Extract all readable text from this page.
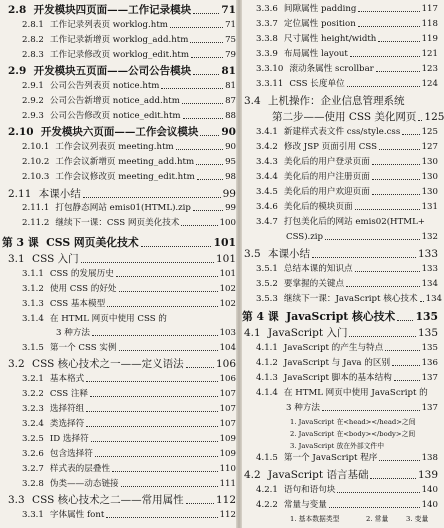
2.8 开发模块四页面——工作记录模块	71
2.8.1 工作记录列表页 worklog.htm	71
2.8.2 工作记录新增页 worklog_add.htm	75
2.8.3 工作记录修改页 worklog_edit.htm	79
2.9 开发模块五页面——公司公告模块	81
2.9.1 公司公告列表页 notice.htm	81
2.9.2 公司公告新增页 notice_add.htm	87
2.9.3 公司公告修改页 notice_edit.htm	88
2.10 开发模块六页面——工作会议模块 90
2.10.1 工作会议列表页 meeting.htm	90
2.10.2 工作会议新增页 meeting_add.htm	95
2.10.3 工作会议修改页 meeting_edit.htm	98
2.11 本课小结	99
2.11.1 打包静态网站 emis01(HTML).zip	99
2.11.2 继续下一课：CSS 网页美化技术	100
第 3 课 CSS 网页美化技术	101
3.1 CSS 入门	101
3.1.1 CSS 的发展历史	101
3.1.2 使用 CSS 的好处	102
3.1.3 CSS 基本模型	102
3.1.4 在 HTML 网页中使用 CSS 的
3 种方法	103
3.1.5 第一个 CSS 实例	104
3.2 CSS 核心技术之一——定义语法	106
3.2.1 基本格式	106
3.2.2 CSS 注释	107
3.2.3 选择符组	107
3.2.4 类选择符	107
3.2.5 ID 选择符	109
3.2.6 包含选择符	109
3.2.7 样式表的层叠性	110
3.2.8 伪类——动态链接	111
3.3 CSS 核心技术之二——常用属性	112
3.3.1 字体属性 font	112
3.3.6 间隙属性 padding	117
3.3.7 定位属性 position	118
3.3.8 尺寸属性 height/width	119
3.3.9 布局属性 layout	121
3.3.10 滚动条属性 scrollbar	123
3.3.11 CSS 长度单位	124
3.4 上机操作：企业信息管理系统
第二步——使用 CSS 美化网页 125
3.4.1 新建样式表文件 css/style.css 125
3.4.2 修改 JSP 页面引用 CSS	127
3.4.3 美化后的用户登录页面	130
3.4.4 美化后的用户注册页面	130
3.4.5 美化后的用户欢迎页面	130
3.4.6 美化后的模块页面	131
3.4.7 打包美化后的网站 emis02(HTML+
CSS).zip	132
3.5 本课小结	133
3.5.1 总结本课的知识点	133
3.5.2 要掌握的关键点	134
3.5.3 继续下一课：JavaScript 核心技术 134
第 4 课 JavaScript 核心技术 135
4.1 JavaScript 入门	135
4.1.1 JavaScript 的产生与特点	135
4.1.2 JavaScript 与 Java 的区别	136
4.1.3 JavaScript 脚本的基本结构	137
4.1.4 在 HTML 网页中使用 JavaScript 的
3 种方法	137
4.1.5 第一个 JavaScript 程序	138
4.2 JavaScript 语言基础	139
4.2.1 语句和语句块	140
4.2.2 常量与变量	140
1. JavaScript 在<head></head>之间
2. JavaScript 在<body></body>之间
3. JavaScript 放在外部文件中
1. 基本数据类型	2. 常量	3. 变量
